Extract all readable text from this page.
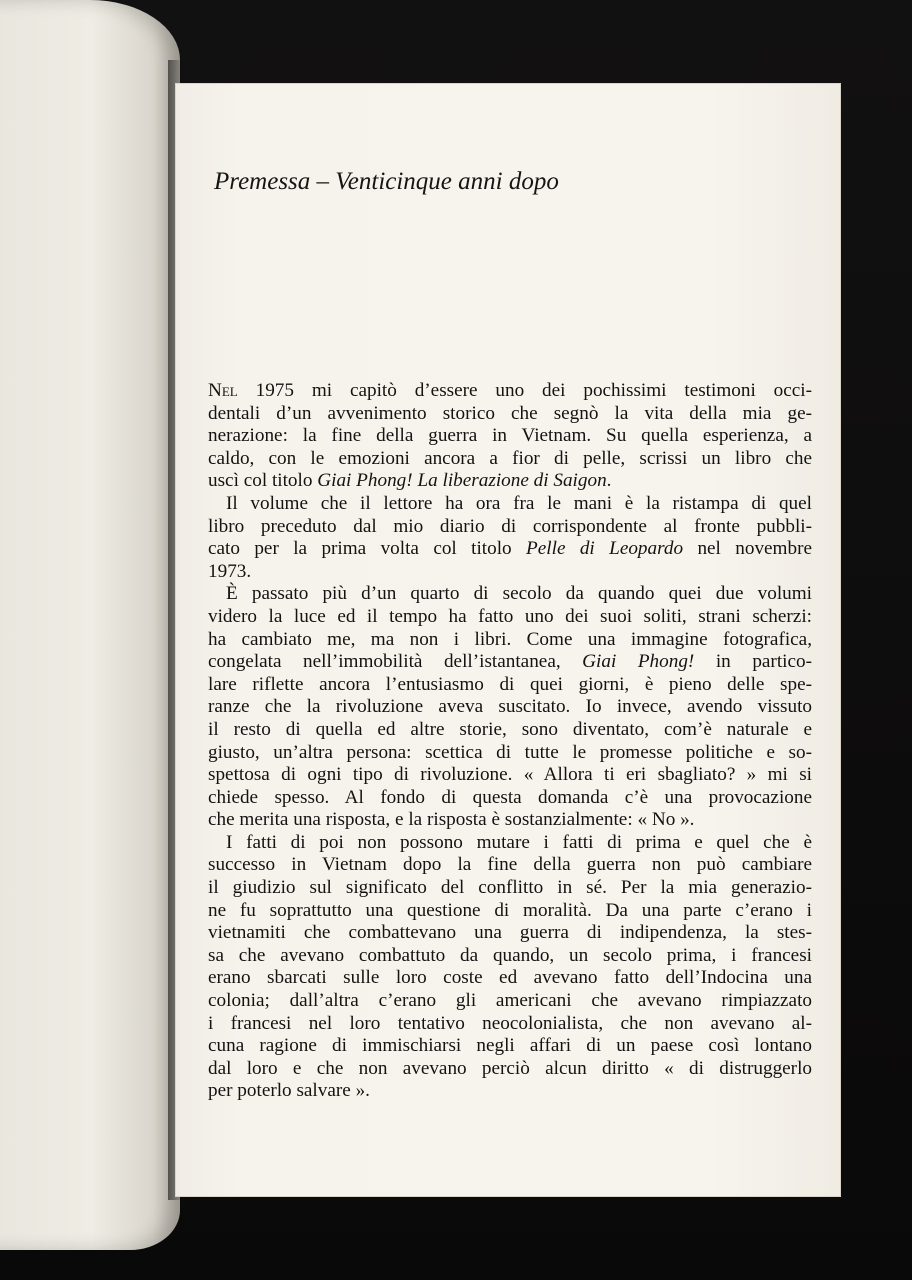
Premessa – Venticinque anni dopo
Nel 1975 mi capitò d’essere uno dei pochissimi testimoni occi-
dentali d’un avvenimento storico che segnò la vita della mia ge-
nerazione: la fine della guerra in Vietnam. Su quella esperienza, a
caldo, con le emozioni ancora a fior di pelle, scrissi un libro che
uscì col titolo Giai Phong! La liberazione di Saigon.
Il volume che il lettore ha ora fra le mani è la ristampa di quel
libro preceduto dal mio diario di corrispondente al fronte pubbli-
cato per la prima volta col titolo Pelle di Leopardo nel novembre
1973.
È passato più d’un quarto di secolo da quando quei due volumi
videro la luce ed il tempo ha fatto uno dei suoi soliti, strani scherzi:
ha cambiato me, ma non i libri. Come una immagine fotografica,
congelata nell’immobilità dell’istantanea, Giai Phong! in partico-
lare riflette ancora l’entusiasmo di quei giorni, è pieno delle spe-
ranze che la rivoluzione aveva suscitato. Io invece, avendo vissuto
il resto di quella ed altre storie, sono diventato, com’è naturale e
giusto, un’altra persona: scettica di tutte le promesse politiche e so-
spettosa di ogni tipo di rivoluzione. « Allora ti eri sbagliato? » mi si
chiede spesso. Al fondo di questa domanda c’è una provocazione
che merita una risposta, e la risposta è sostanzialmente: « No ».
I fatti di poi non possono mutare i fatti di prima e quel che è
successo in Vietnam dopo la fine della guerra non può cambiare
il giudizio sul significato del conflitto in sé. Per la mia generazio-
ne fu soprattutto una questione di moralità. Da una parte c’erano i
vietnamiti che combattevano una guerra di indipendenza, la stes-
sa che avevano combattuto da quando, un secolo prima, i francesi
erano sbarcati sulle loro coste ed avevano fatto dell’Indocina una
colonia; dall’altra c’erano gli americani che avevano rimpiazzato
i francesi nel loro tentativo neocolonialista, che non avevano al-
cuna ragione di immischiarsi negli affari di un paese così lontano
dal loro e che non avevano perciò alcun diritto « di distruggerlo
per poterlo salvare ».
